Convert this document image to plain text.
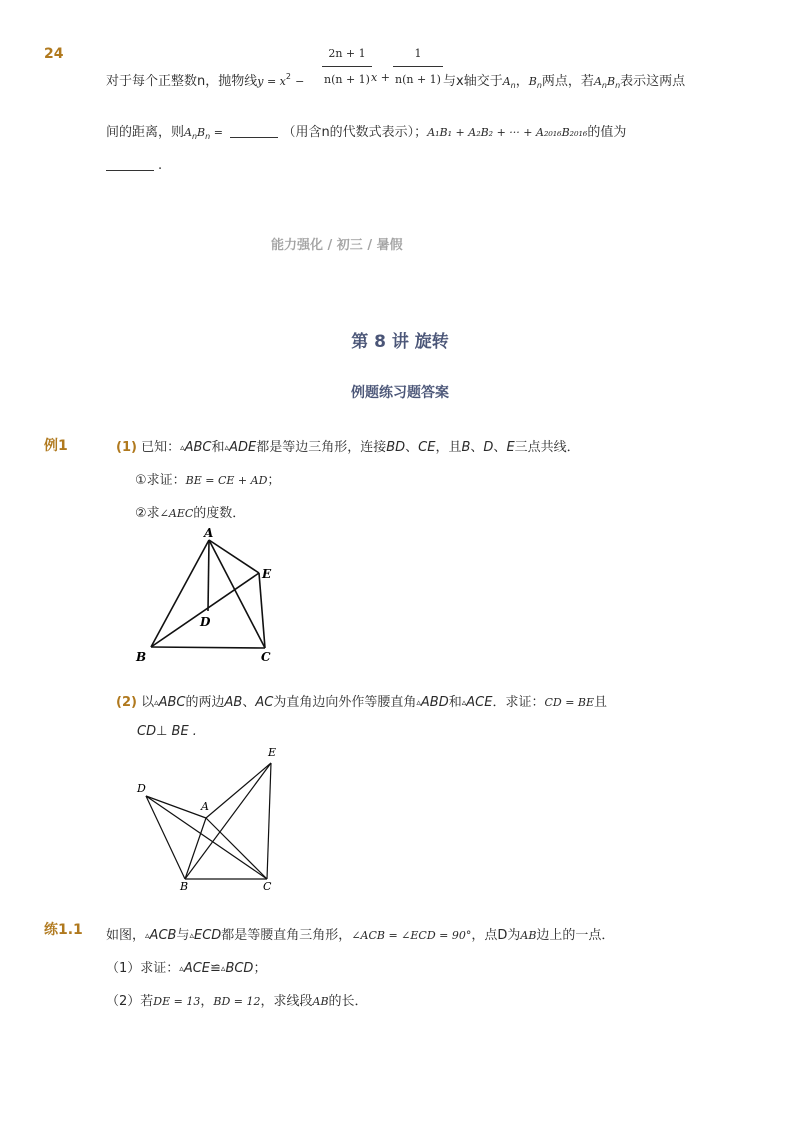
24
对于每个正整数n，抛物线$y = x^2$ −
2n + 1
n(n + 1) x +
1
n(n + 1) 与x轴交于$A_n$，$B_n$两点，若$A_nB_n$表示这两点
间的距离，则$A_nB_n$ =	（用含n的代数式表示）；A₁B₁ + A₂B₂ + ··· + A₂₀₁₆B₂₀₁₆的值为
.
能力强化 / 初三 / 暑假
第 8 讲 旋转
例题练习题答案
例1	(1) 已知：▵ABC和▵ADE都是等边三角形，连接BD、CE，且B、D、E三点共线．
①求证：BE = CE + AD；
②求∠AEC的度数．
A
E
D
B	C
E
D
A
B	C
(2) 以▵ABC的两边AB、AC为直角边向外作等腰直角▵ABD和▵ACE．求证：CD = BE且
CD⊥ BE .
练1.1 如图，▵ACB与▵ECD都是等腰直角三角形，∠ACB = ∠ECD = 90°，点D为AB边上的一点．
（1）求证：▵ACE≌▵BCD；
（2）若DE = 13，BD = 12，求线段AB的长．
